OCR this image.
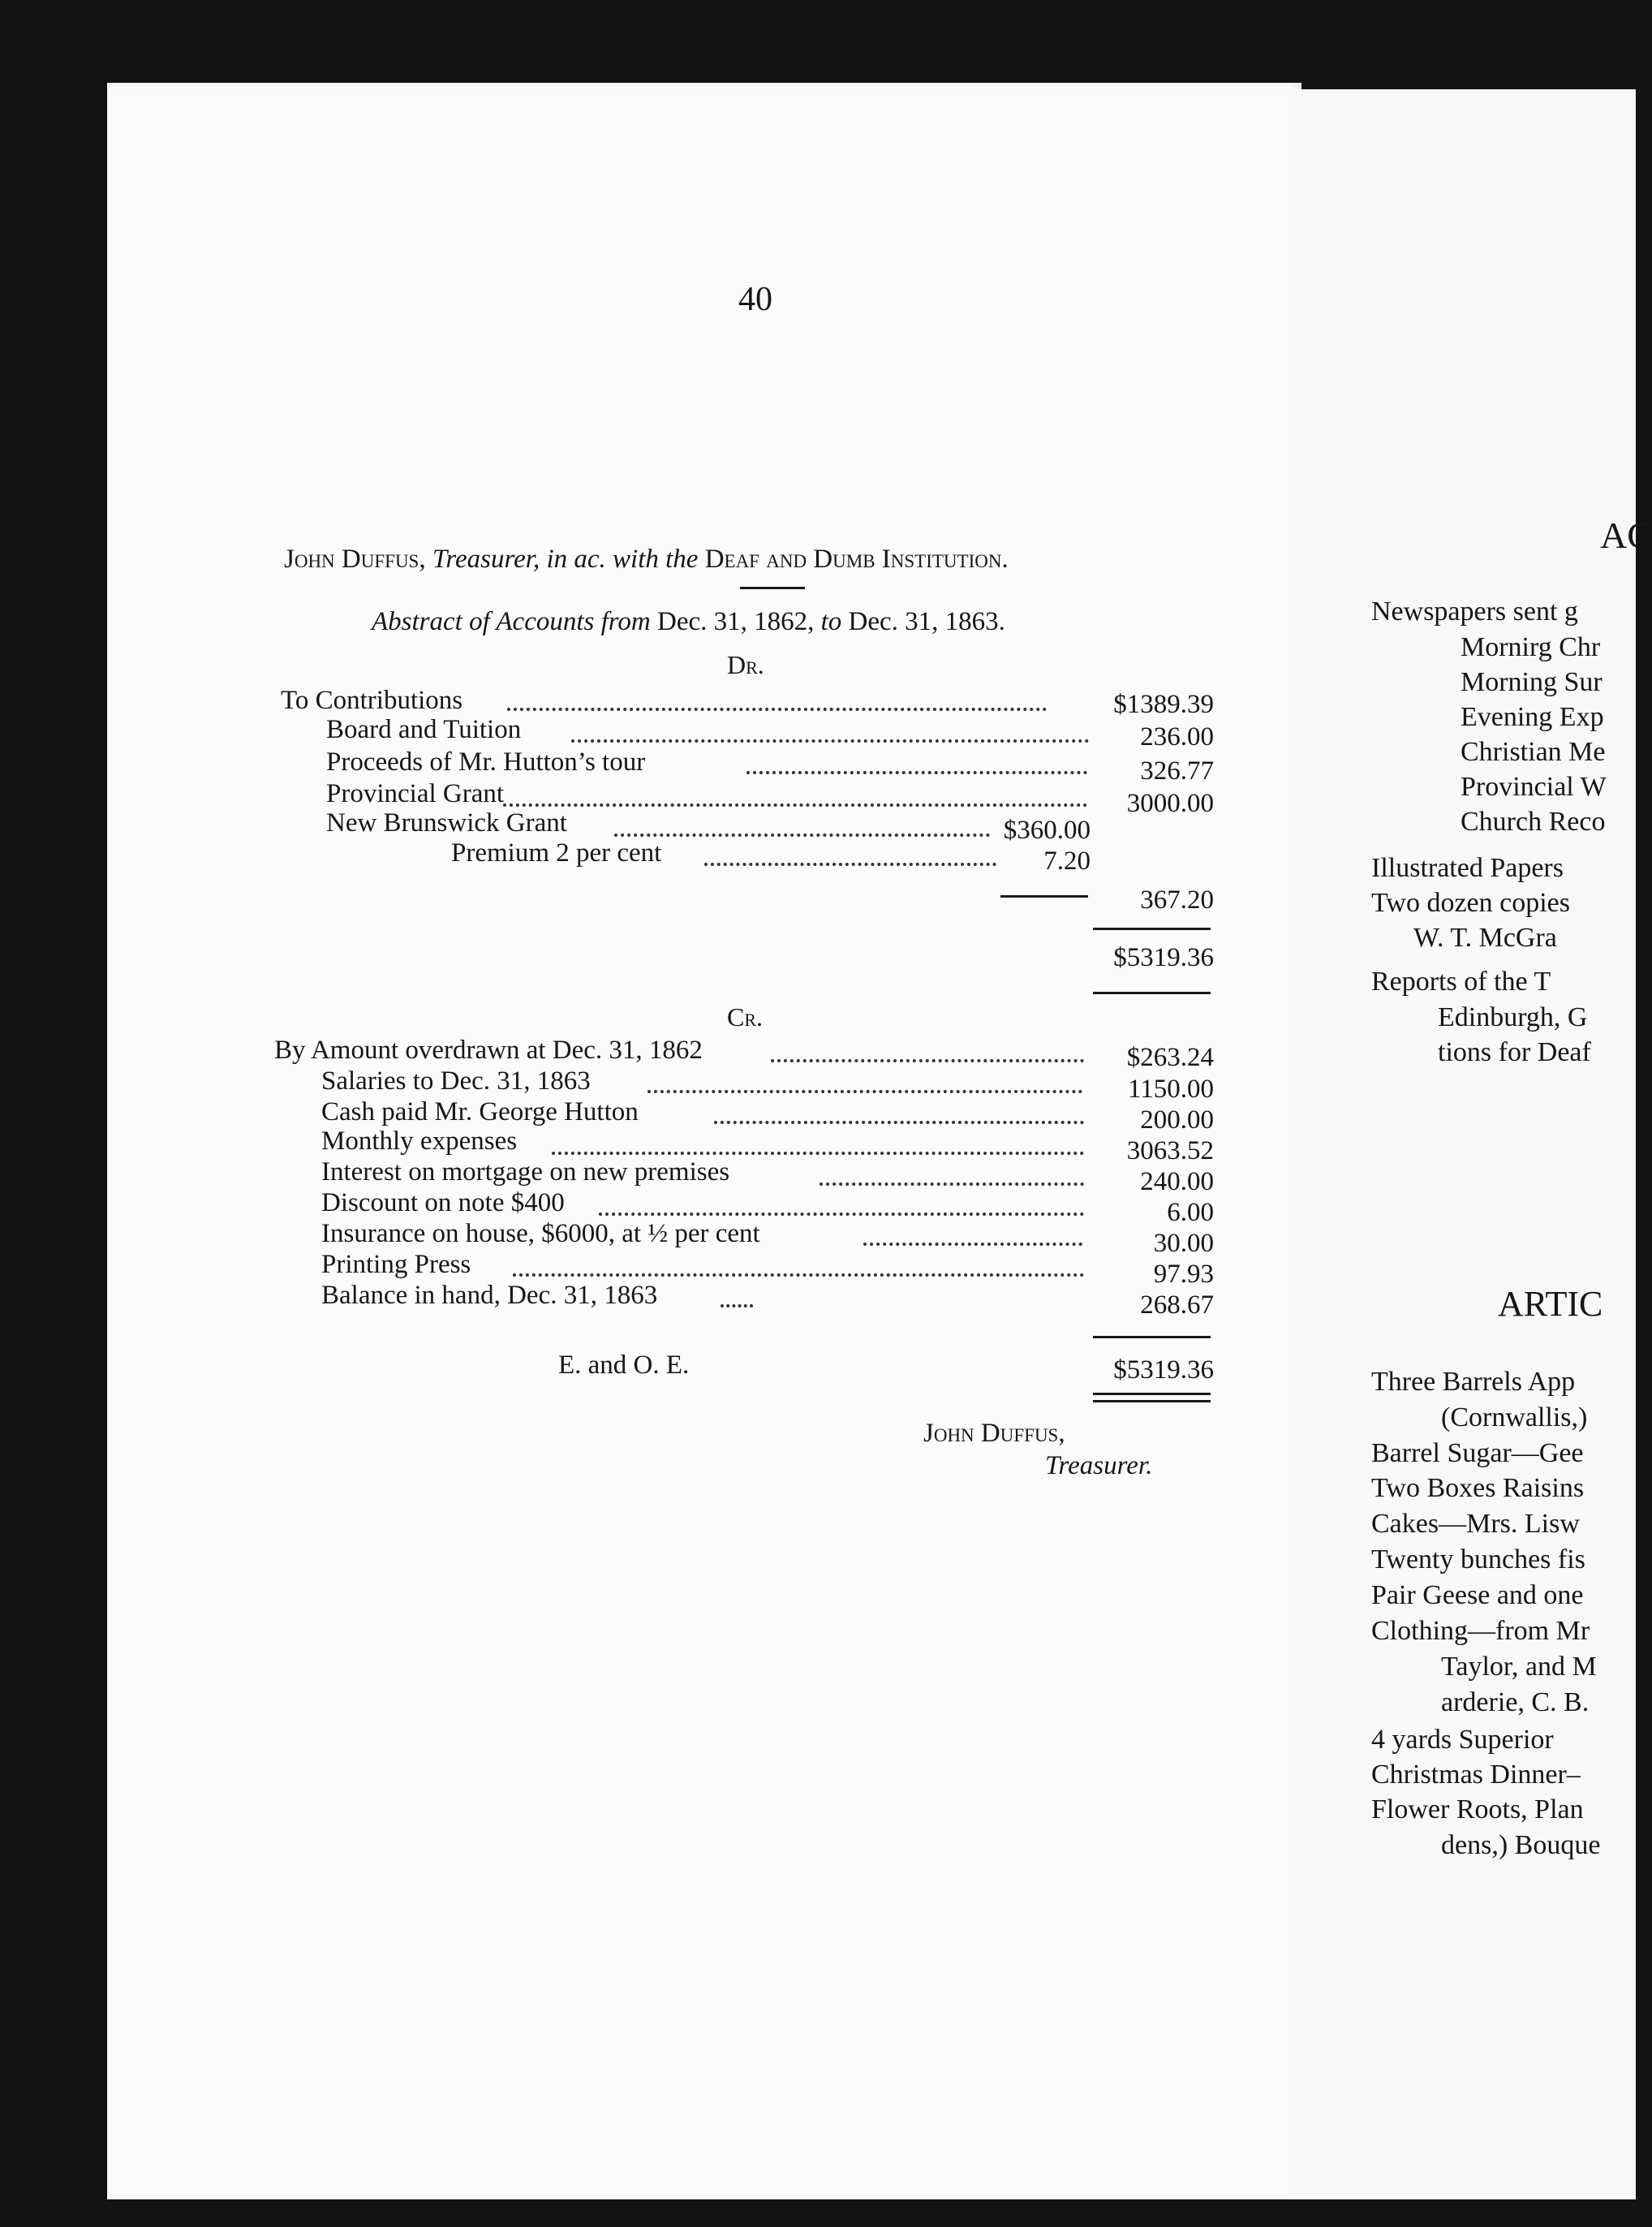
40
John Duffus, Treasurer, in ac. with the Deaf and Dumb Institution.
Abstract of Accounts from Dec. 31, 1862, to Dec. 31, 1863.
Dr.
To Contributions	$1389.39
Board and Tuition	236.00
Proceeds of Mr. Hutton’s tour	326.77
Provincial Grant	3000.00
New Brunswick Grant	$360.00
Premium 2 per cent	7.20
367.20
$5319.36
Cr.
By Amount overdrawn at Dec. 31, 1862	$263.24
Salaries to Dec. 31, 1863	1150.00
Cash paid Mr. George Hutton	200.00
Monthly expenses	3063.52
Interest on mortgage on new premises	240.00
Discount on note $400	6.00
Insurance on house, $6000, at ½ per cent	30.00
Printing Press	97.93
Balance in hand, Dec. 31, 1863	268.67
E. and O. E.	$5319.36
John Duffus,
Treasurer.
AC
Newspapers sent g
Mornirg Chr
Morning Sur
Evening Exp
Christian Me
Provincial W
Church Reco
Illustrated Papers
Two dozen copies
W. T. McGra
Reports of the T
Edinburgh, G
tions for Deaf
ARTIC
Three Barrels App
(Cornwallis,)
Barrel Sugar—Gee
Two Boxes Raisins
Cakes—Mrs. Lisw
Twenty bunches fis
Pair Geese and one
Clothing—from Mr
Taylor, and M
arderie, C. B.
4 yards Superior
Christmas Dinner–
Flower Roots, Plan
dens,) Bouque
